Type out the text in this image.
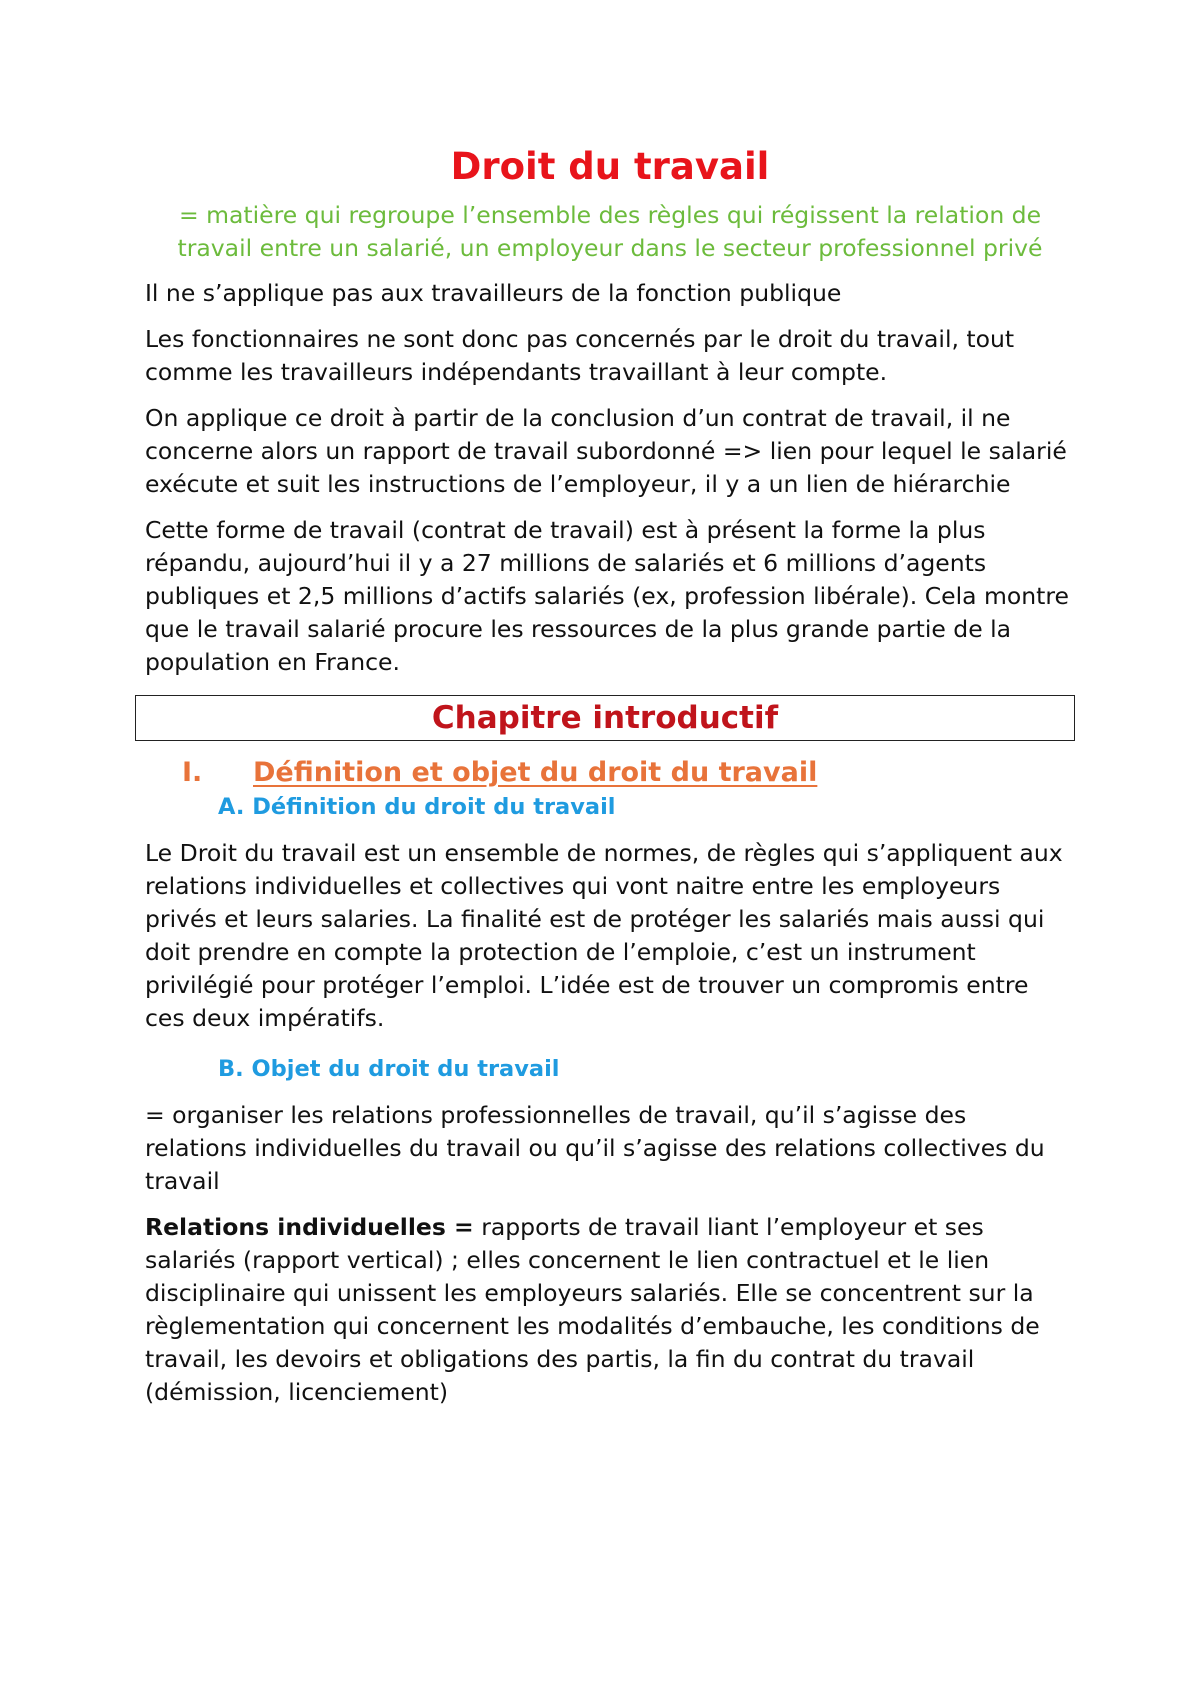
Droit du travail

= matière qui regroupe l’ensemble des règles qui régissent la relation de travail entre un salarié, un employeur dans le secteur professionnel privé

Il ne s’applique pas aux travailleurs de la fonction publique

Les fonctionnaires ne sont donc pas concernés par le droit du travail, tout comme les travailleurs indépendants travaillant à leur compte.

On applique ce droit à partir de la conclusion d’un contrat de travail, il ne concerne alors un rapport de travail subordonné => lien pour lequel le salarié exécute et suit les instructions de l’employeur, il y a un lien de hiérarchie

Cette forme de travail (contrat de travail) est à présent la forme la plus répandu, aujourd’hui il y a 27 millions de salariés et 6 millions d’agents publiques et 2,5 millions d’actifs salariés (ex, profession libérale). Cela montre que le travail salarié procure les ressources de la plus grande partie de la population en France.

Chapitre introductif
I. Définition et objet du droit du travail
A. Définition du droit du travail

Le Droit du travail est un ensemble de normes, de règles qui s’appliquent aux relations individuelles et collectives qui vont naitre entre les employeurs privés et leurs salaries. La finalité est de protéger les salariés mais aussi qui doit prendre en compte la protection de l’emploie, c’est un instrument privilégié pour protéger l’emploi. L’idée est de trouver un compromis entre ces deux impératifs.

B. Objet du droit du travail

= organiser les relations professionnelles de travail, qu’il s’agisse des relations individuelles du travail ou qu’il s’agisse des relations collectives du travail

Relations individuelles = rapports de travail liant l’employeur et ses salariés (rapport vertical) ; elles concernent le lien contractuel et le lien disciplinaire qui unissent les employeurs salariés. Elle se concentrent sur la règlementation qui concernent les modalités d’embauche, les conditions de travail, les devoirs et obligations des partis, la fin du contrat du travail (démission, licenciement)
